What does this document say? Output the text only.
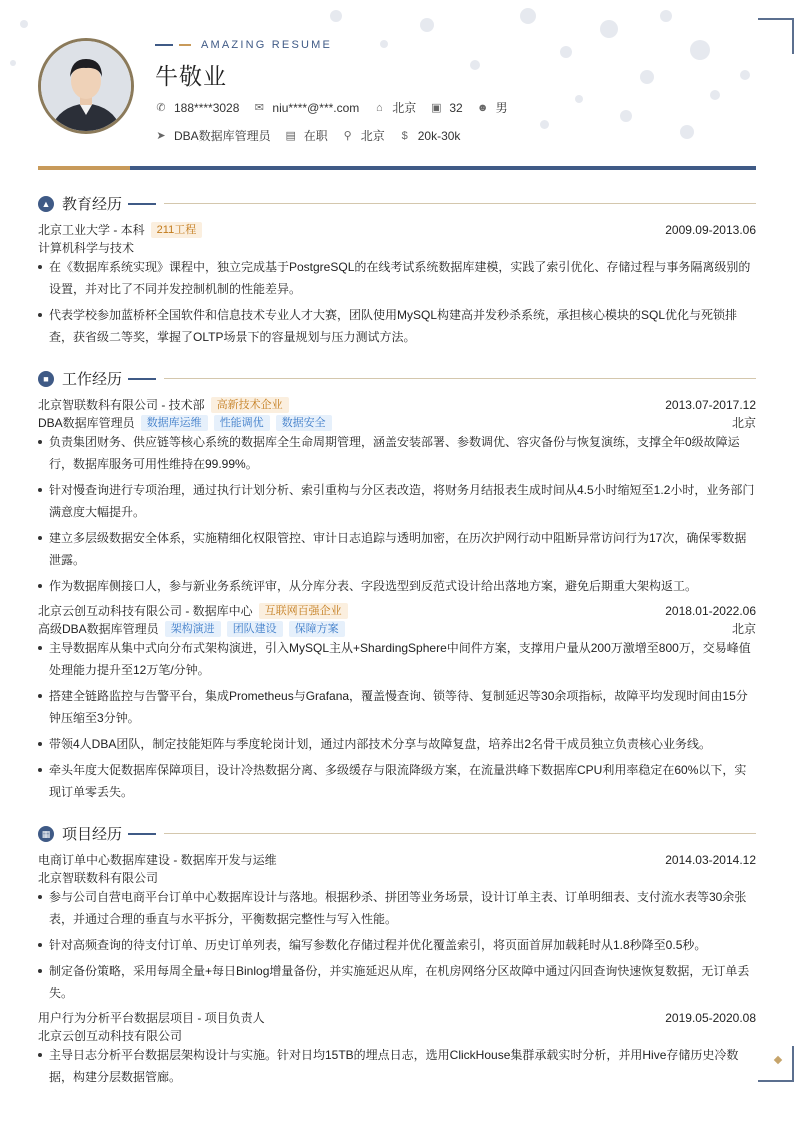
AMAZING RESUME
牛敬业
✆ 188****3028 ✉ niu****@***.com ⌂ 北京 ▣ 32 ☻ 男
➤ DBA数据库管理员 ▤ 在职 ⚲ 北京 $ 20k-30k
▲ 教育经历
北京工业大学 - 本科	211工程	2009.09-2013.06
计算机科学与技术
在《数据库系统实现》课程中，独立完成基于PostgreSQL的在线考试系统数据库建模，实践了索引优化、存储过程与事务隔离级别的设置，并对比了不同并发控制机制的性能差异。
代表学校参加蓝桥杯全国软件和信息技术专业人才大赛，团队使用MySQL构建高并发秒杀系统，承担核心模块的SQL优化与死锁排查，获省级二等奖，掌握了OLTP场景下的容量规划与压力测试方法。
■ 工作经历
北京智联数科有限公司 - 技术部	高新技术企业	2013.07-2017.12
DBA数据库管理员	数据库运维	性能调优	数据安全	北京
负责集团财务、供应链等核心系统的数据库全生命周期管理，涵盖安装部署、参数调优、容灾备份与恢复演练，支撑全年0级故障运行，数据库服务可用性维持在99.99%。
针对慢查询进行专项治理，通过执行计划分析、索引重构与分区表改造，将财务月结报表生成时间从4.5小时缩短至1.2小时，业务部门满意度大幅提升。
建立多层级数据安全体系，实施精细化权限管控、审计日志追踪与透明加密，在历次护网行动中阻断异常访问行为17次，确保零数据泄露。
作为数据库侧接口人，参与新业务系统评审，从分库分表、字段选型到反范式设计给出落地方案，避免后期重大架构返工。
北京云创互动科技有限公司 - 数据库中心	互联网百强企业	2018.01-2022.06
高级DBA数据库管理员	架构演进	团队建设	保障方案	北京
主导数据库从集中式向分布式架构演进，引入MySQL主从+ShardingSphere中间件方案，支撑用户量从200万激增至800万，交易峰值处理能力提升至12万笔/分钟。
搭建全链路监控与告警平台，集成Prometheus与Grafana，覆盖慢查询、锁等待、复制延迟等30余项指标，故障平均发现时间由15分钟压缩至3分钟。
带领4人DBA团队，制定技能矩阵与季度轮岗计划，通过内部技术分享与故障复盘，培养出2名骨干成员独立负责核心业务线。
牵头年度大促数据库保障项目，设计冷热数据分离、多级缓存与限流降级方案，在流量洪峰下数据库CPU利用率稳定在60%以下，实现订单零丢失。
▦ 项目经历
电商订单中心数据库建设 - 数据库开发与运维	2014.03-2014.12
北京智联数科有限公司
参与公司自营电商平台订单中心数据库设计与落地。根据秒杀、拼团等业务场景，设计订单主表、订单明细表、支付流水表等30余张表，并通过合理的垂直与水平拆分，平衡数据完整性与写入性能。
针对高频查询的待支付订单、历史订单列表，编写参数化存储过程并优化覆盖索引，将页面首屏加载耗时从1.8秒降至0.5秒。
制定备份策略，采用每周全量+每日Binlog增量备份，并实施延迟从库，在机房网络分区故障中通过闪回查询快速恢复数据，无订单丢失。
用户行为分析平台数据层项目 - 项目负责人	2019.05-2020.08
北京云创互动科技有限公司
主导日志分析平台数据层架构设计与实施。针对日均15TB的埋点日志，选用ClickHouse集群承载实时分析，并用Hive存储历史冷数据，构建分层数据管廊。
